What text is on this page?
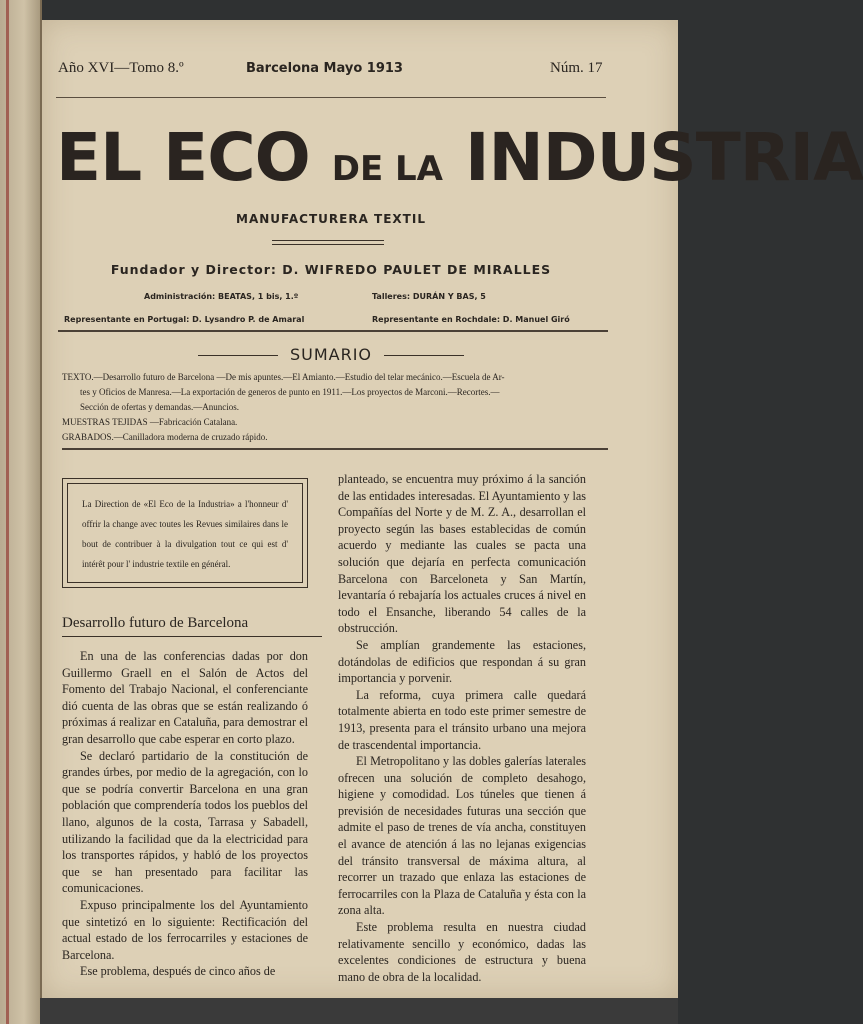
Año XVI—Tomo 8.º	Barcelona Mayo 1913	Núm. 17
EL ECO DE LA INDUSTRIA
MANUFACTURERA TEXTIL
Fundador y Director: D. WIFREDO PAULET DE MIRALLES
Administración: BEATAS, 1 bis, 1.º	Talleres: DURÁN Y BAS, 5
Representante en Portugal: D. Lysandro P. de Amaral	Representante en Rochdale: D. Manuel Giró
SUMARIO
TEXTO.—Desarrollo futuro de Barcelona —De mis apuntes.—El Amianto.—Estudio del telar mecánico.—Escuela de Ar-
tes y Oficios de Manresa.—La exportación de generos de punto en 1911.—Los proyectos de Marconi.—Recortes.—
Sección de ofertas y demandas.—Anuncios.
MUESTRAS TEJIDAS —Fabricación Catalana.
GRABADOS.—Canilladora moderna de cruzado rápido.
La Direction de «El Eco de la Industria» a l'honneur d' offrir la change avec toutes les Revues similaires dans le bout de contribuer à la divulgation tout ce qui est d' intérêt pour l' industrie textile en général.
Desarrollo futuro de Barcelona

En una de las conferencias dadas por don Guillermo Graell en el Salón de Actos del Fomento del Trabajo Nacional, el conferenciante dió cuenta de las obras que se están realizando ó próximas á realizar en Cataluña, para demostrar el gran desarrollo que cabe esperar en corto plazo.

Se declaró partidario de la constitución de grandes úrbes, por medio de la agregación, con lo que se podría convertir Barcelona en una gran población que comprendería todos los pueblos del llano, algunos de la costa, Tarrasa y Sabadell, utilizando la facilidad que da la electricidad para los transportes rápidos, y habló de los proyectos que se han presentado para facilitar las comunicaciones.

Expuso principalmente los del Ayuntamiento que sintetizó en lo siguiente: Rectificación del actual estado de los ferrocarriles y estaciones de Barcelona.

Ese problema, después de cinco años de

planteado, se encuentra muy próximo á la sanción de las entidades interesadas. El Ayuntamiento y las Compañías del Norte y de M. Z. A., desarrollan el proyecto según las bases establecidas de común acuerdo y mediante las cuales se pacta una solución que dejaría en perfecta comunicación Barcelona con Barceloneta y San Martín, levantaría ó rebajaría los actuales cruces á nivel en todo el Ensanche, liberando 54 calles de la obstrucción.

Se amplían grandemente las estaciones, dotándolas de edificios que respondan á su gran importancia y porvenir.

La reforma, cuya primera calle quedará totalmente abierta en todo este primer semestre de 1913, presenta para el tránsito urbano una mejora de trascendental importancia.

El Metropolitano y las dobles galerías laterales ofrecen una solución de completo desahogo, higiene y comodidad. Los túneles que tienen á previsión de necesidades futuras una sección que admite el paso de trenes de vía ancha, constituyen el avance de atención á las no lejanas exigencias del tránsito transversal de máxima altura, al recorrer un trazado que enlaza las estaciones de ferrocarriles con la Plaza de Cataluña y ésta con la zona alta.

Este problema resulta en nuestra ciudad relativamente sencillo y económico, dadas las excelentes condiciones de estructura y buena mano de obra de la localidad.
